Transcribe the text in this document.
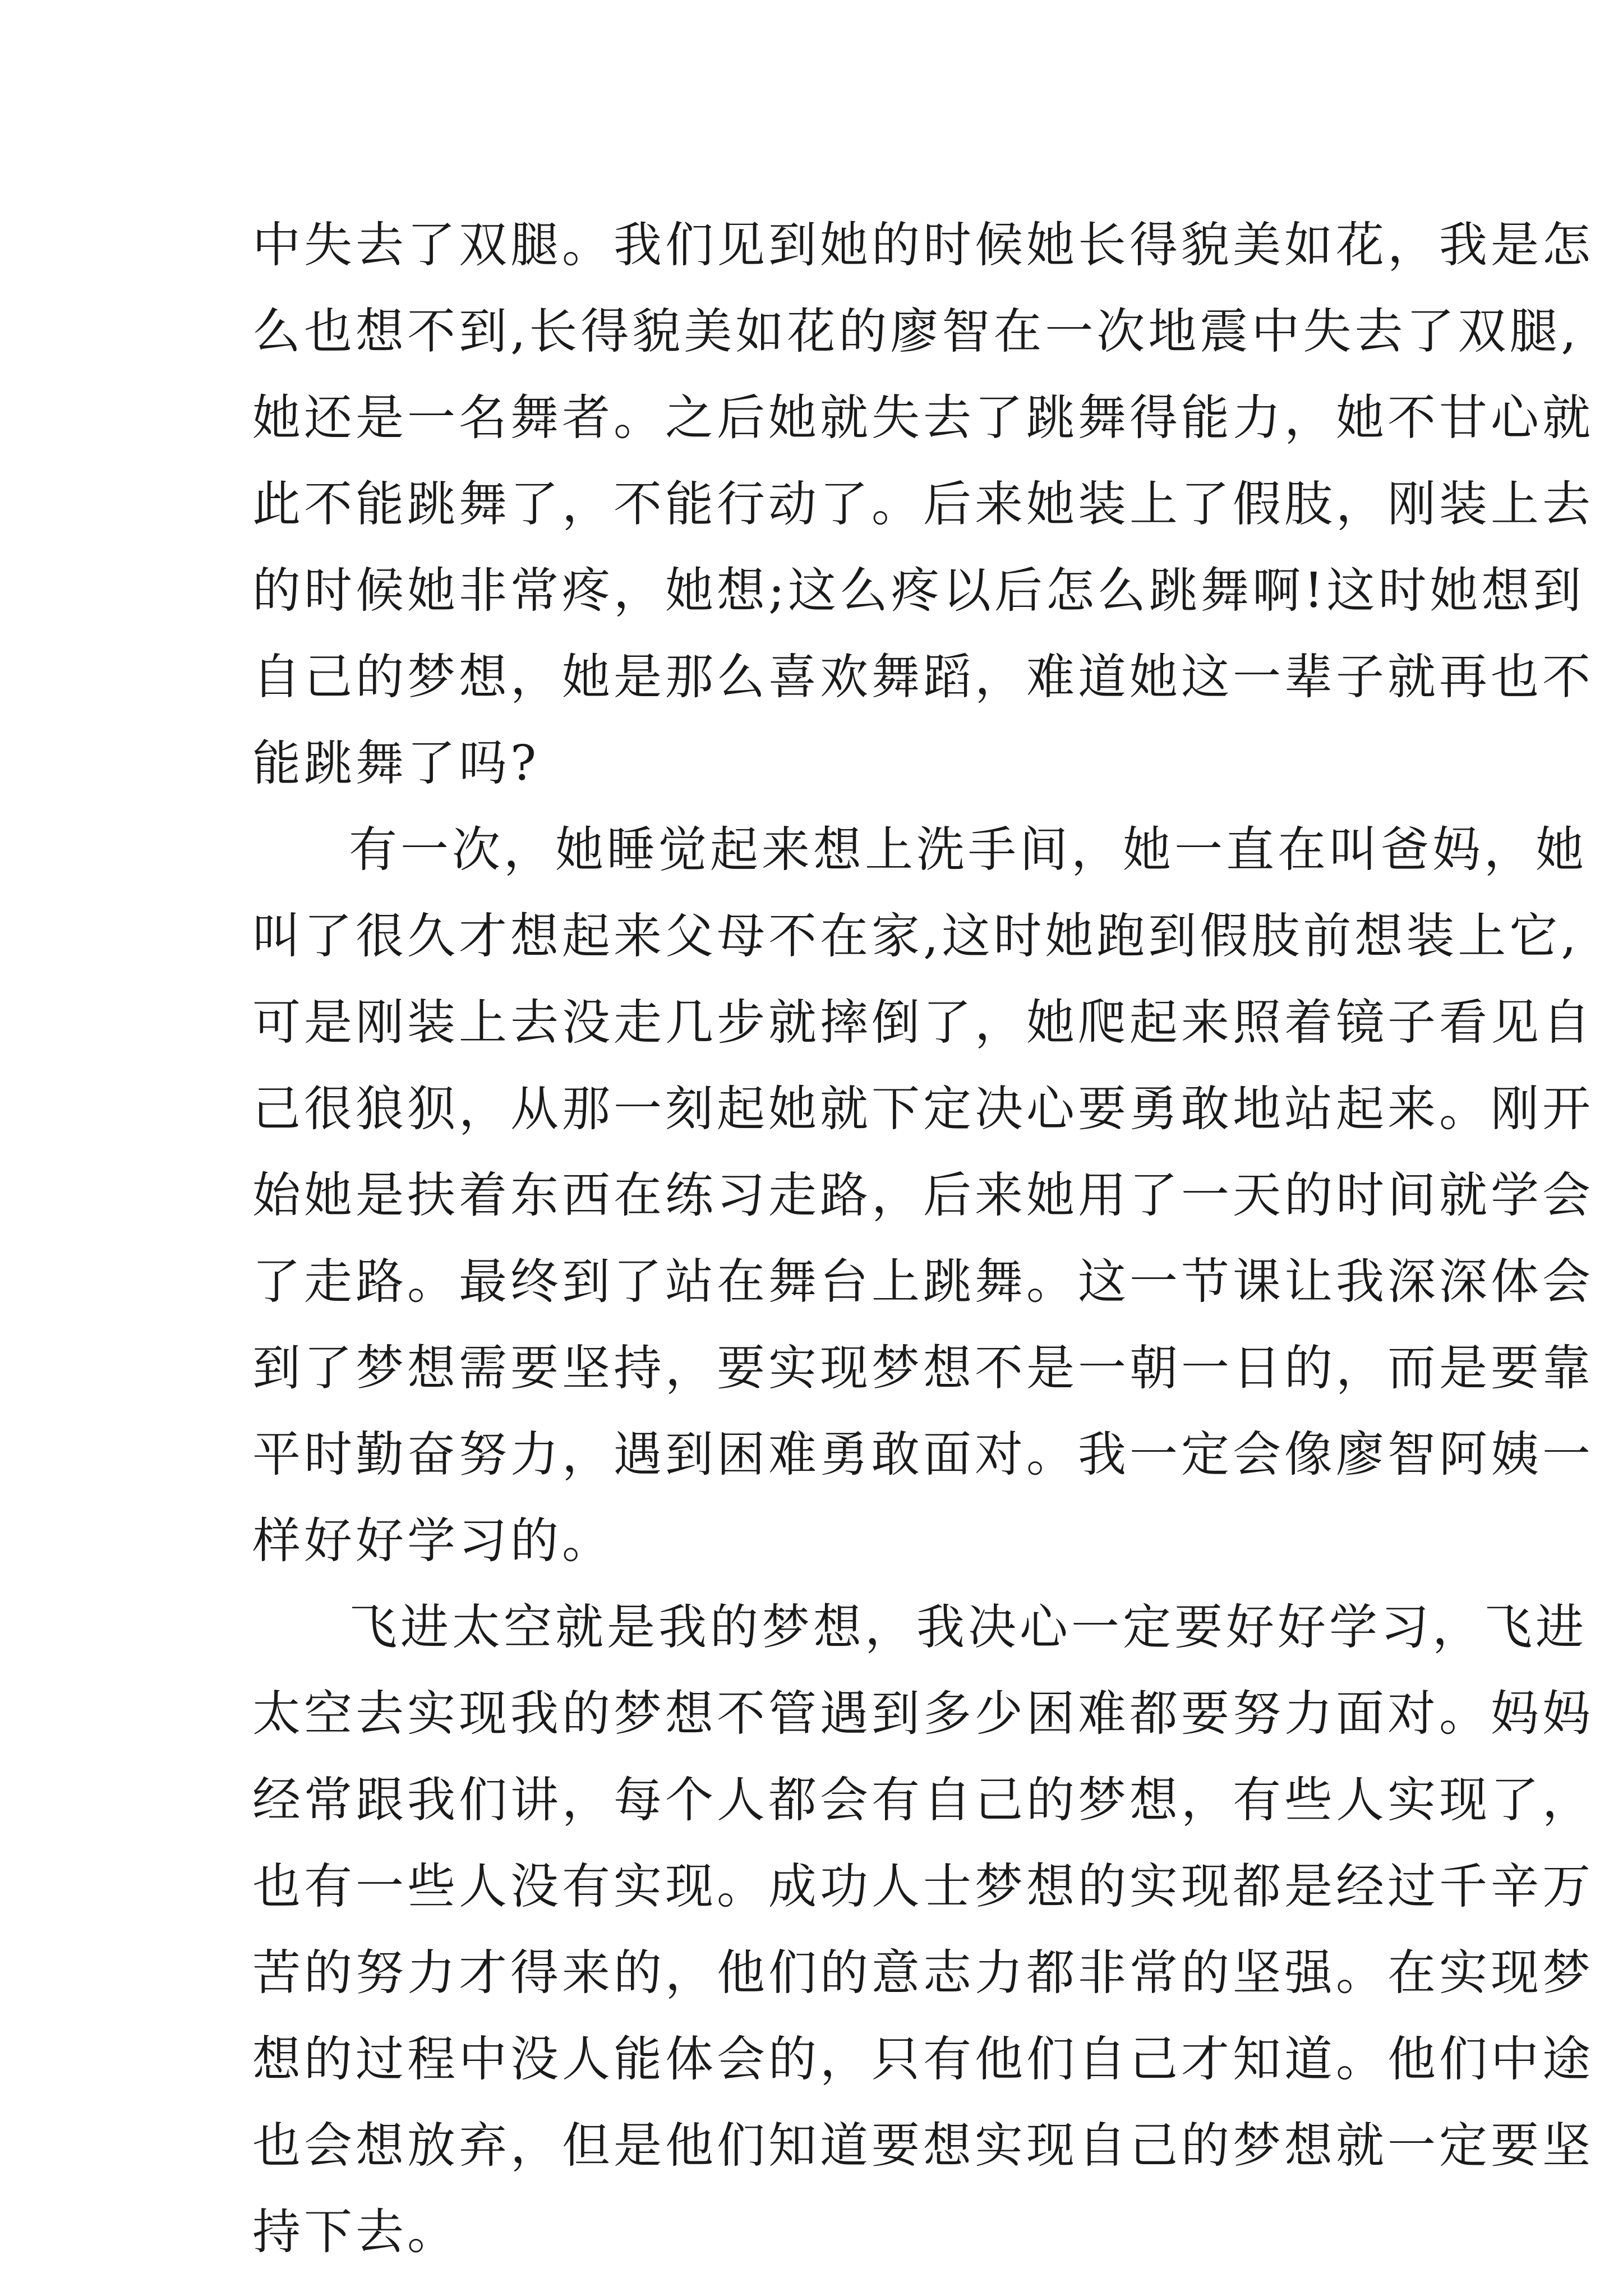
中失去了双腿。我们见到她的时候她长得貌美如花，我是怎
么也想不到,长得貌美如花的廖智在一次地震中失去了双腿,
她还是一名舞者。之后她就失去了跳舞得能力，她不甘心就
此不能跳舞了，不能行动了。后来她装上了假肢，刚装上去
的时候她非常疼，她想;这么疼以后怎么跳舞啊!这时她想到
自己的梦想，她是那么喜欢舞蹈，难道她这一辈子就再也不
能跳舞了吗?
有一次，她睡觉起来想上洗手间，她一直在叫爸妈，她
叫了很久才想起来父母不在家,这时她跑到假肢前想装上它,
可是刚装上去没走几步就摔倒了，她爬起来照着镜子看见自
己很狼狈，从那一刻起她就下定决心要勇敢地站起来。刚开
始她是扶着东西在练习走路，后来她用了一天的时间就学会
了走路。最终到了站在舞台上跳舞。这一节课让我深深体会
到了梦想需要坚持，要实现梦想不是一朝一日的，而是要靠
平时勤奋努力，遇到困难勇敢面对。我一定会像廖智阿姨一
样好好学习的。
飞进太空就是我的梦想，我决心一定要好好学习，飞进
太空去实现我的梦想不管遇到多少困难都要努力面对。妈妈
经常跟我们讲，每个人都会有自己的梦想，有些人实现了，
也有一些人没有实现。成功人士梦想的实现都是经过千辛万
苦的努力才得来的，他们的意志力都非常的坚强。在实现梦
想的过程中没人能体会的，只有他们自己才知道。他们中途
也会想放弃，但是他们知道要想实现自己的梦想就一定要坚
持下去。
